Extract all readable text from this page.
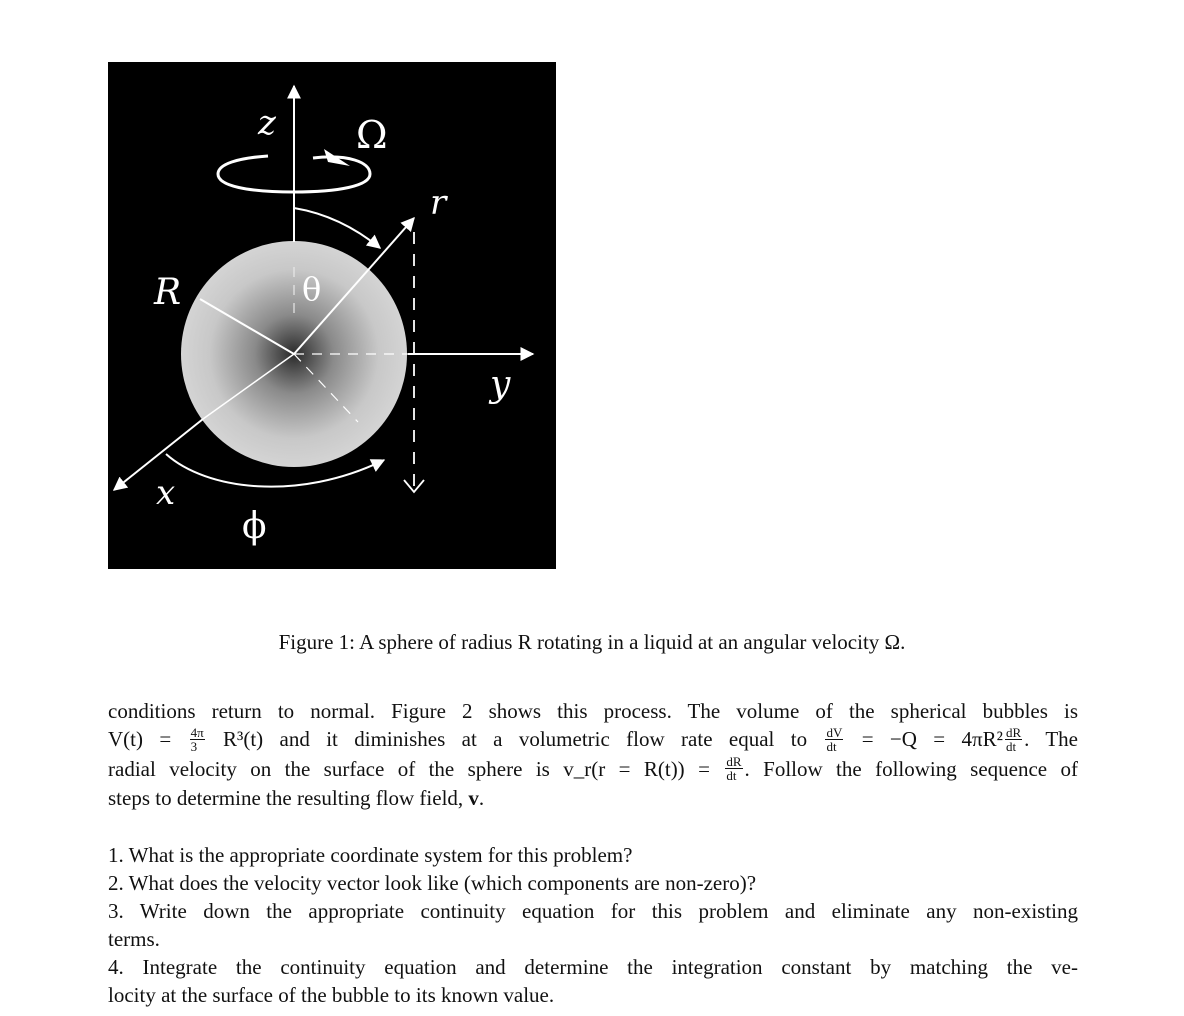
z Ω
r
R	θ
y
x
ϕ
Figure 1: A sphere of radius R rotating in a liquid at an angular velocity Ω.
conditions return to normal. Figure 2 shows this process. The volume of the spherical bubbles is
$V(t) = \frac{4\pi}{3} R^3(t)$ and it diminishes at a volumetric flow rate equal to $\frac{dV}{dt} = -Q = 4\pi R^2 \frac{dR}{dt}$ . The
radial velocity on the surface of the sphere is v_r(r = $R(t)) = \frac{dR}{dt}$ . Follow the following sequence of
steps to determine the resulting flow field, v.
1. What is the appropriate coordinate system for this problem?
2. What does the velocity vector look like (which components are non-zero)?
3. Write down the appropriate continuity equation for this problem and eliminate any non-existing
terms.
4. Integrate the continuity equation and determine the integration constant by matching the ve-
locity at the surface of the bubble to its known value.
